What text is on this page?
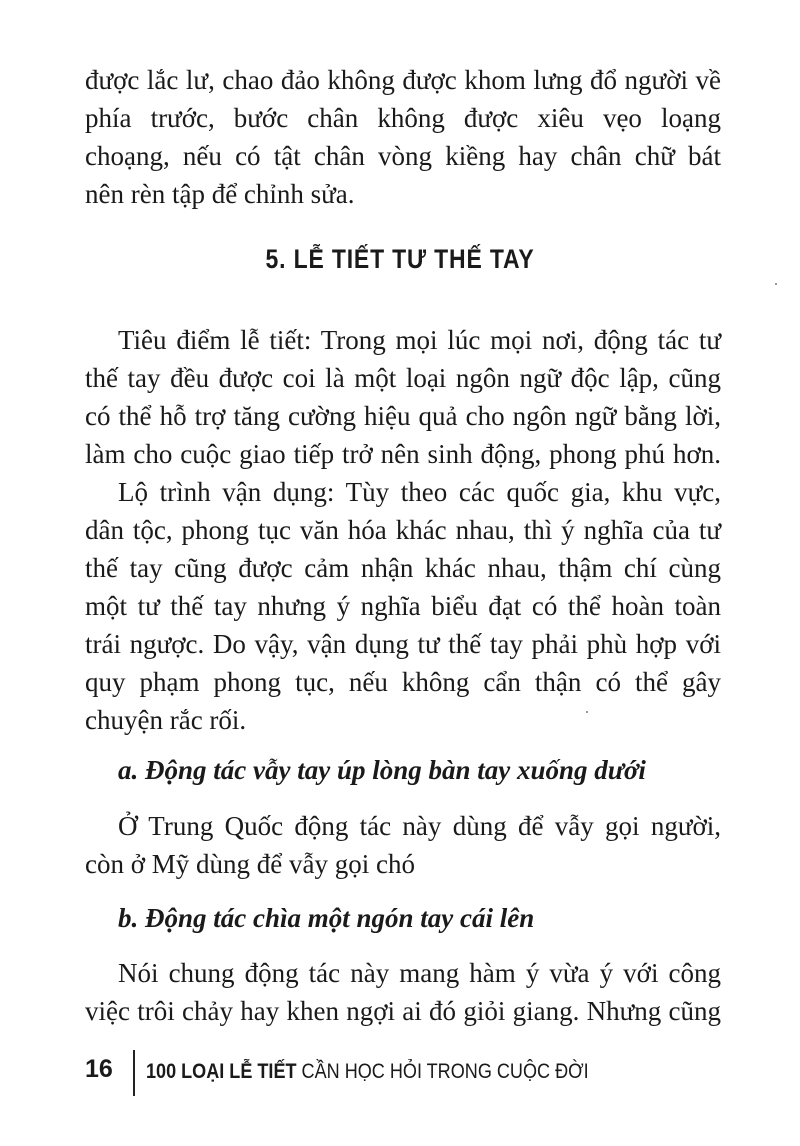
được lắc lư, chao đảo không được khom lưng đổ người về
phía trước, bước chân không được xiêu vẹo loạng
choạng, nếu có tật chân vòng kiềng hay chân chữ bát
nên rèn tập để chỉnh sửa.
5. LỄ TIẾT TƯ THẾ TAY
Tiêu điểm lễ tiết: Trong mọi lúc mọi nơi, động tác tư
thế tay đều được coi là một loại ngôn ngữ độc lập, cũng
có thể hỗ trợ tăng cường hiệu quả cho ngôn ngữ bằng lời,
làm cho cuộc giao tiếp trở nên sinh động, phong phú hơn.
Lộ trình vận dụng: Tùy theo các quốc gia, khu vực,
dân tộc, phong tục văn hóa khác nhau, thì ý nghĩa của tư
thế tay cũng được cảm nhận khác nhau, thậm chí cùng
một tư thế tay nhưng ý nghĩa biểu đạt có thể hoàn toàn
trái ngược. Do vậy, vận dụng tư thế tay phải phù hợp với
quy phạm phong tục, nếu không cẩn thận có thể gây
chuyện rắc rối.
a. Động tác vẫy tay úp lòng bàn tay xuống dưới
Ở Trung Quốc động tác này dùng để vẫy gọi người,
còn ở Mỹ dùng để vẫy gọi chó
b. Động tác chìa một ngón tay cái lên
Nói chung động tác này mang hàm ý vừa ý với công
việc trôi chảy hay khen ngợi ai đó giỏi giang. Nhưng cũng
16 100 LOẠI LỄ TIẾT CẦN HỌC HỎI TRONG CUỘC ĐỜI
